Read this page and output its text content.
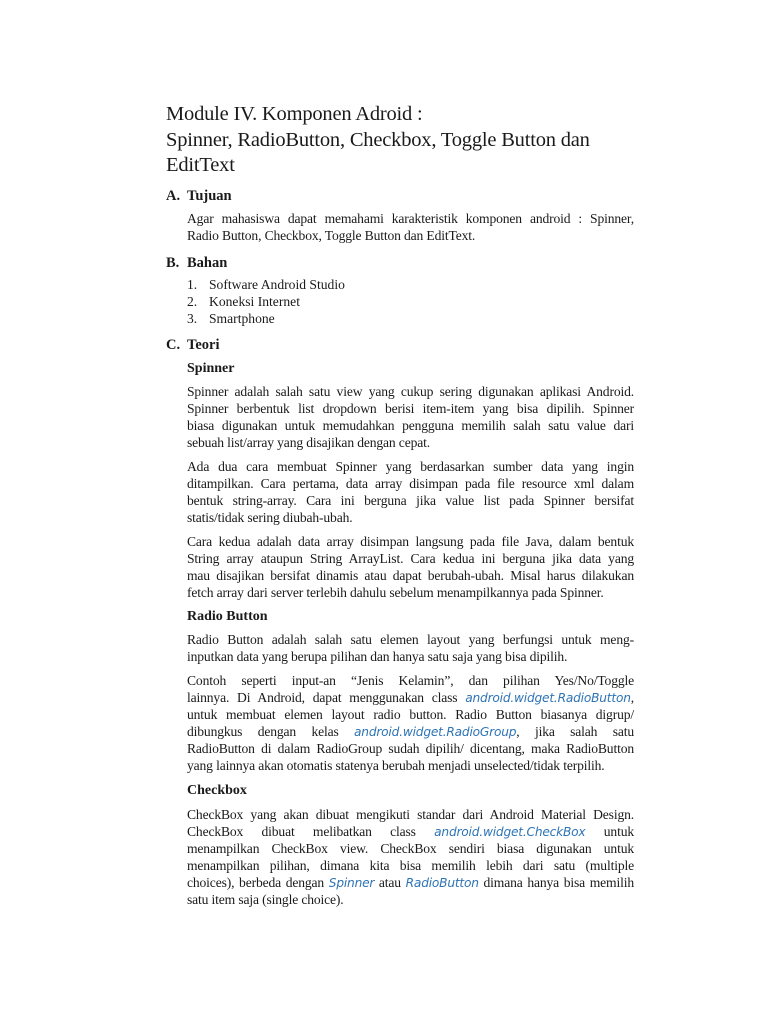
Module IV. Komponen Adroid :
Spinner, RadioButton, Checkbox, Toggle Button dan
EditText
A. Tujuan
Agar mahasiswa dapat memahami karakteristik komponen android : Spinner,
Radio Button, Checkbox, Toggle Button dan EditText.
B. Bahan
1. Software Android Studio
2. Koneksi Internet
3. Smartphone
C. Teori
Spinner
Spinner adalah salah satu view yang cukup sering digunakan aplikasi Android.
Spinner berbentuk list dropdown berisi item-item yang bisa dipilih. Spinner
biasa digunakan untuk memudahkan pengguna memilih salah satu value dari
sebuah list/array yang disajikan dengan cepat.
Ada dua cara membuat Spinner yang berdasarkan sumber data yang ingin
ditampilkan. Cara pertama, data array disimpan pada file resource xml dalam
bentuk string-array. Cara ini berguna jika value list pada Spinner bersifat
statis/tidak sering diubah-ubah.
Cara kedua adalah data array disimpan langsung pada file Java, dalam bentuk
String array ataupun String ArrayList. Cara kedua ini berguna jika data yang
mau disajikan bersifat dinamis atau dapat berubah-ubah. Misal harus dilakukan
fetch array dari server terlebih dahulu sebelum menampilkannya pada Spinner.
Radio Button
Radio Button adalah salah satu elemen layout yang berfungsi untuk meng-
inputkan data yang berupa pilihan dan hanya satu saja yang bisa dipilih.
Contoh seperti input-an “Jenis Kelamin”, dan pilihan Yes/No/Toggle
lainnya. Di Android, dapat menggunakan class android.widget.RadioButton,
untuk membuat elemen layout radio button. Radio Button biasanya digrup/
dibungkus dengan kelas android.widget.RadioGroup, jika salah satu
RadioButton di dalam RadioGroup sudah dipilih/ dicentang, maka RadioButton
yang lainnya akan otomatis statenya berubah menjadi unselected/tidak terpilih.
Checkbox
CheckBox yang akan dibuat mengikuti standar dari Android Material Design.
CheckBox dibuat melibatkan class android.widget.CheckBox untuk
menampilkan CheckBox view. CheckBox sendiri biasa digunakan untuk
menampilkan pilihan, dimana kita bisa memilih lebih dari satu (multiple
choices), berbeda dengan Spinner atau RadioButton dimana hanya bisa memilih
satu item saja (single choice).
